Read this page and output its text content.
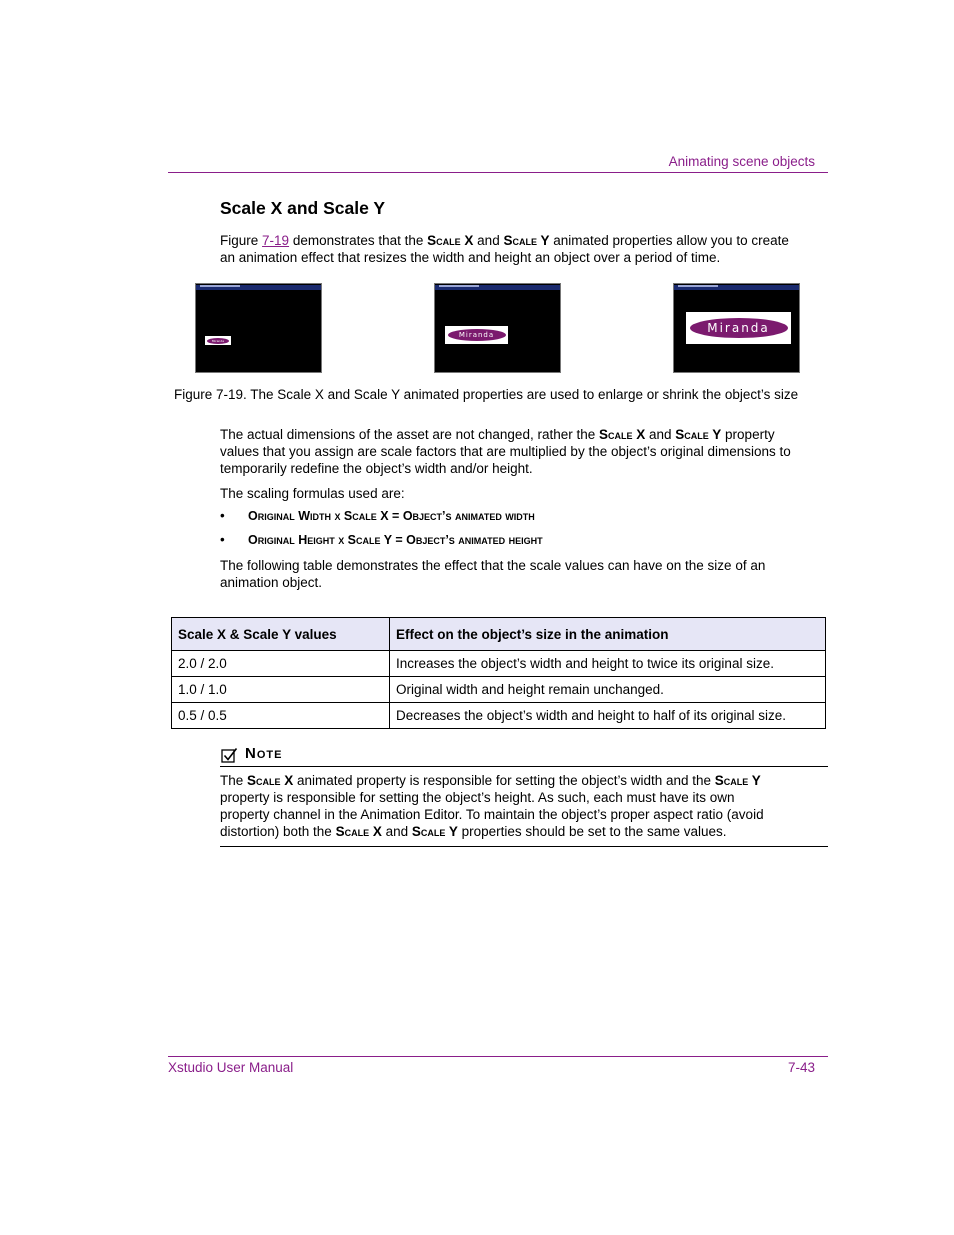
Animating scene objects
Scale X and Scale Y
Figure 7-19 demonstrates that the Scale X and Scale Y animated properties allow you to create an animation effect that resizes the width and height an object over a period of time.
Miranda
Miranda	Miranda
Figure 7-19. The Scale X and Scale Y animated properties are used to enlarge or shrink the object’s size
The actual dimensions of the asset are not changed, rather the Scale X and Scale Y property values that you assign are scale factors that are multiplied by the object’s original dimensions to temporarily redefine the object’s width and/or height.
The scaling formulas used are:
• Original Width x Scale X = Object’s animated width
• Original Height x Scale Y = Object’s animated height
The following table demonstrates the effect that the scale values can have on the size of an animation object.
Scale X & Scale Y values	Effect on the object’s size in the animation
2.0 / 2.0	Increases the object’s width and height to twice its original size.
1.0 / 1.0	Original width and height remain unchanged.
0.5 / 0.5	Decreases the object’s width and height to half of its original size.
Note
The Scale X animated property is responsible for setting the object’s width and the Scale Y property is responsible for setting the object’s height. As such, each must have its own property channel in the Animation Editor. To maintain the object’s proper aspect ratio (avoid distortion) both the Scale X and Scale Y properties should be set to the same values.
Xstudio User Manual	7-43
